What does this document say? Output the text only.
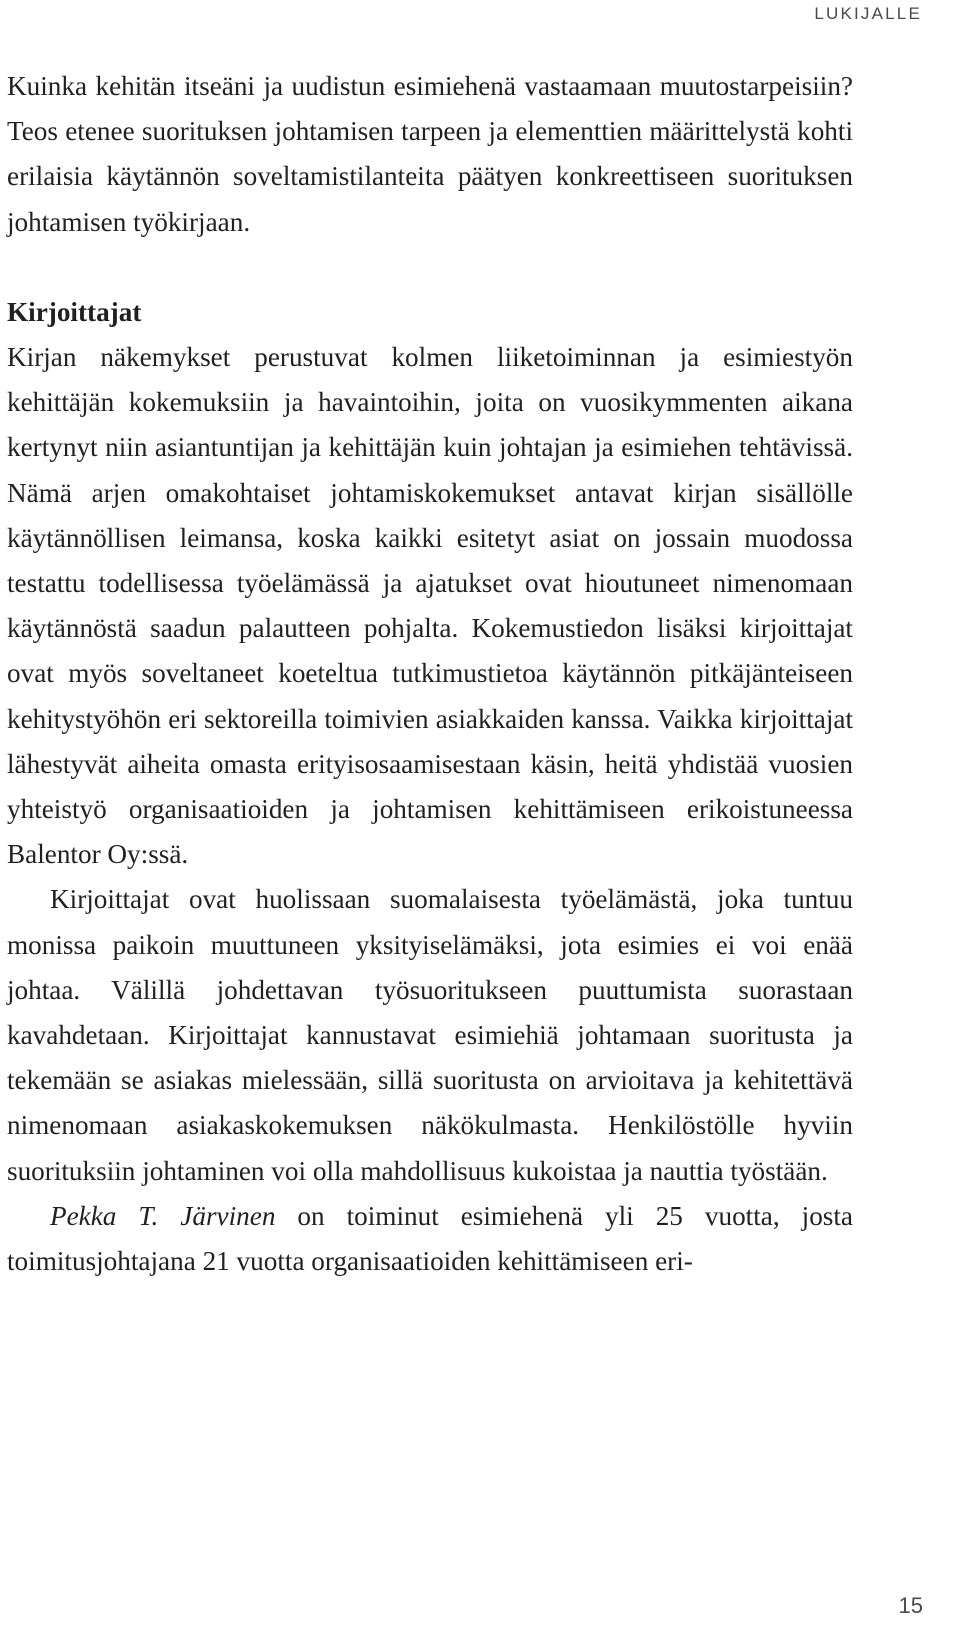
LUKIJALLE

Kuinka kehitän itseäni ja uudistun esimiehenä vastaamaan muutostarpeisiin? Teos etenee suorituksen johtamisen tarpeen ja elementtien määrittelystä kohti erilaisia käytännön soveltamistilanteita päätyen konkreettiseen suorituksen johtamisen työkirjaan.

Kirjoittajat

Kirjan näkemykset perustuvat kolmen liiketoiminnan ja esimiestyön kehittäjän kokemuksiin ja havaintoihin, joita on vuosikymmenten aikana kertynyt niin asiantuntijan ja kehittäjän kuin johtajan ja esimiehen tehtävissä. Nämä arjen omakohtaiset johtamiskokemukset antavat kirjan sisällölle käytännöllisen leimansa, koska kaikki esitetyt asiat on jossain muodossa testattu todellisessa työelämässä ja ajatukset ovat hioutuneet nimenomaan käytännöstä saadun palautteen pohjalta. Kokemustiedon lisäksi kirjoittajat ovat myös soveltaneet koeteltua tutkimustietoa käytännön pitkäjänteiseen kehitystyöhön eri sektoreilla toimivien asiakkaiden kanssa. Vaikka kirjoittajat lähestyvät aiheita omasta erityisosaamisestaan käsin, heitä yhdistää vuosien yhteistyö organisaatioiden ja johtamisen kehittämiseen erikoistuneessa Balentor Oy:ssä.

Kirjoittajat ovat huolissaan suomalaisesta työelämästä, joka tuntuu monissa paikoin muuttuneen yksityiselämäksi, jota esimies ei voi enää johtaa. Välillä johdettavan työsuoritukseen puuttumista suorastaan kavahdetaan. Kirjoittajat kannustavat esimiehiä johtamaan suoritusta ja tekemään se asiakas mielessään, sillä suoritusta on arvioitava ja kehitettävä nimenomaan asiakaskokemuksen näkökulmasta. Henkilöstölle hyviin suorituksiin johtaminen voi olla mahdollisuus kukoistaa ja nauttia työstään.

Pekka T. Järvinen on toiminut esimiehenä yli 25 vuotta, josta toimitusjohtajana 21 vuotta organisaatioiden kehittämiseen eri-

15
